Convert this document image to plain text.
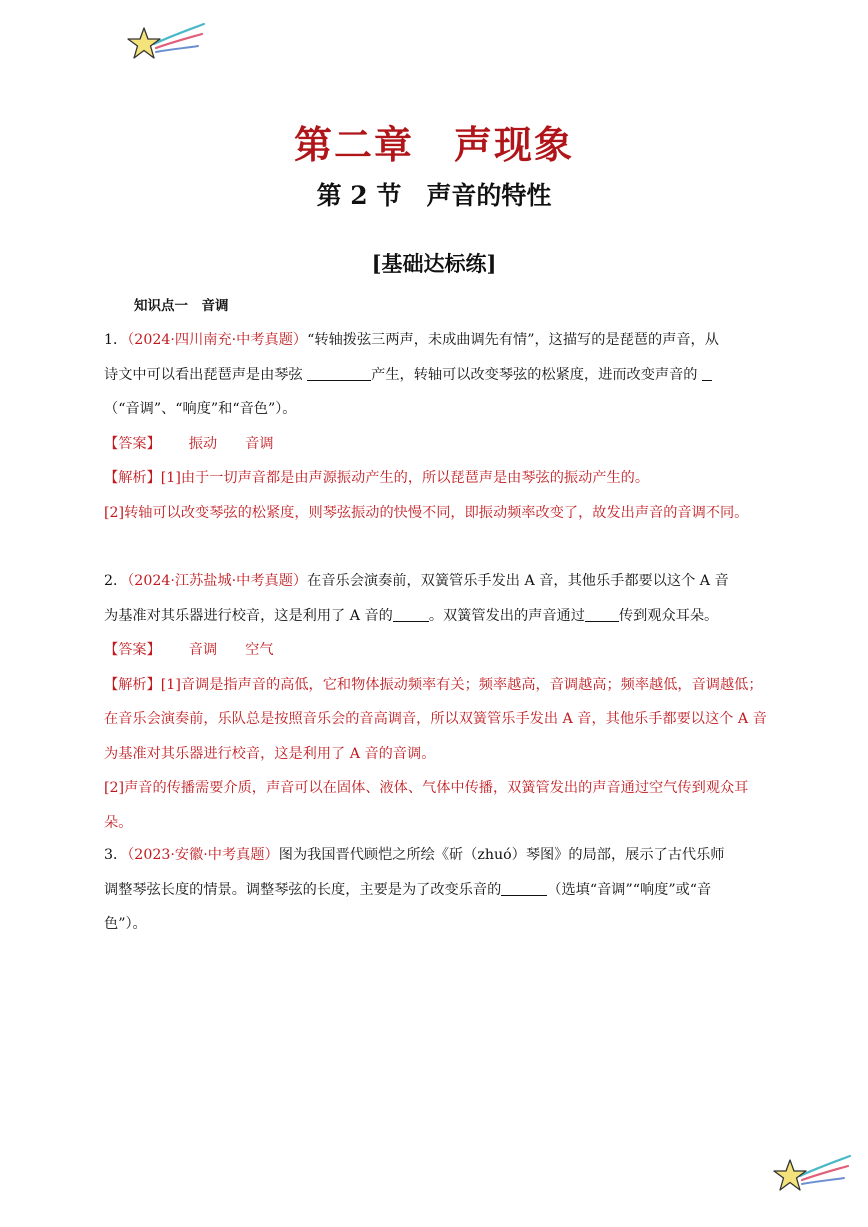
第二章　声现象
第 2 节　声音的特性
[基础达标练]
知识点一　音调

1．（2024·四川南充·中考真题）“转轴拨弦三两声，未成曲调先有情”，这描写的是琵琶的声音，从
诗文中可以看出琵琶声是由琴弦	产生，转轴可以改变琴弦的松紧度，进而改变声音的
（“音调”、“响度”和“音色”）。

【答案】 振动 音调

【解析】[1]由于一切声音都是由声源振动产生的，所以琵琶声是由琴弦的振动产生的。

[2]转轴可以改变琴弦的松紧度，则琴弦振动的快慢不同，即振动频率改变了，故发出声音的音调不同。

2．（2024·江苏盐城·中考真题）在音乐会演奏前，双簧管乐手发出 A 音，其他乐手都要以这个 A 音
为基准对其乐器进行校音，这是利用了 A 音的	。双簧管发出的声音通过 传到观众耳朵。

【答案】 音调 空气

【解析】[1]音调是指声音的高低，它和物体振动频率有关；频率越高，音调越高；频率越低，音调越低；在音乐会演奏前，乐队总是按照音乐会的音高调音，所以双簧管乐手发出 A 音，其他乐手都要以这个 A 音为基准对其乐器进行校音，这是利用了 A 音的音调。

[2]声音的传播需要介质，声音可以在固体、液体、气体中传播，双簧管发出的声音通过空气传到观众耳朵。

3．（2023·安徽·中考真题）图为我国晋代顾恺之所绘《斫（zhuó）琴图》的局部，展示了古代乐师
调整琴弦长度的情景。调整琴弦的长度，主要是为了改变乐音的	（选填“音调”“响度”或“音
色”）。
